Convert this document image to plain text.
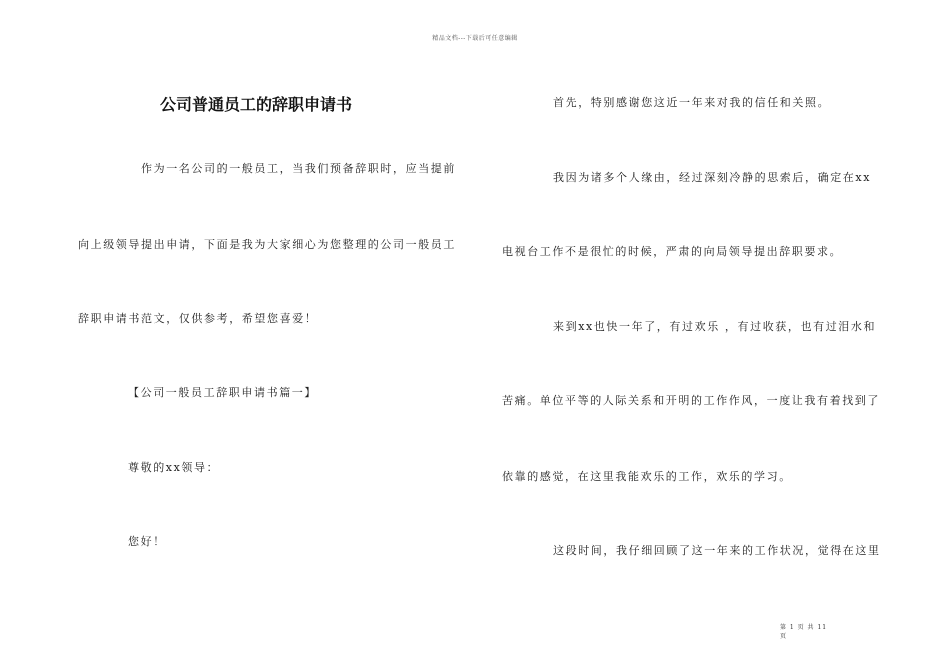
精品文档---下载后可任意编辑
公司普通员工的辞职申请书

作为一名公司的一般员工，当我们预备辞职时，应当提前

向上级领导提出申请，下面是我为大家细心为您整理的公司一般员工

辞职申请书范文，仅供参考，希望您喜爱！

【公司一般员工辞职申请书篇一】

尊敬的xx领导：

您好！

首先，特别感谢您这近一年来对我的信任和关照。

我因为诸多个人缘由，经过深刻冷静的思索后，确定在xx

电视台工作不是很忙的时候，严肃的向局领导提出辞职要求。

来到xx也快一年了，有过欢乐 ，有过收获，也有过泪水和

苦痛。单位平等的人际关系和开明的工作作风，一度让我有着找到了

依靠的感觉，在这里我能欢乐的工作，欢乐的学习。

这段时间，我仔细回顾了这一年来的工作状况，觉得在这里

第 1 页 共 11
页
